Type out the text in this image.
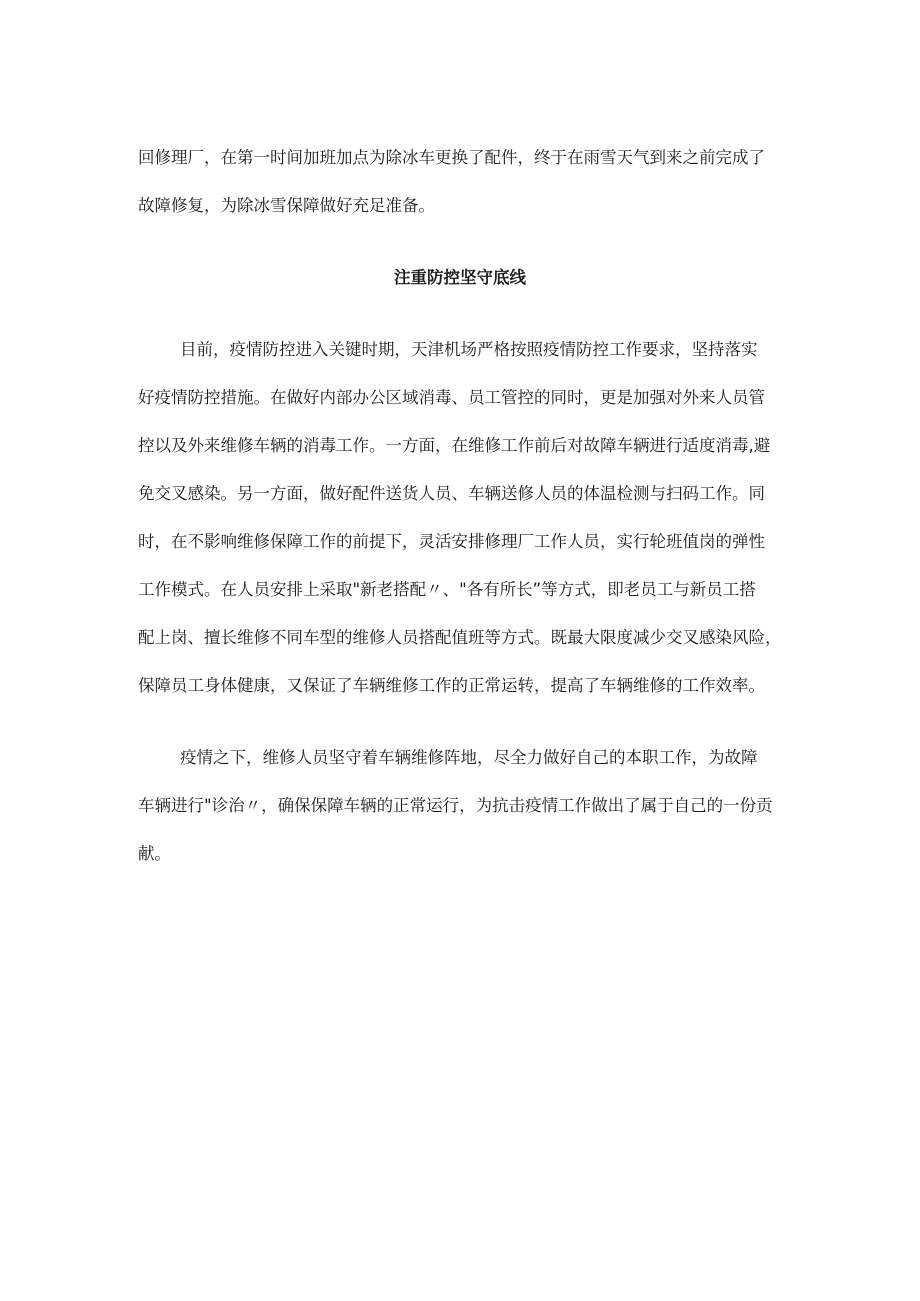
回修理厂，在第一时间加班加点为除冰车更换了配件，终于在雨雪天气到来之前完成了

故障修复，为除冰雪保障做好充足准备。

注重防控坚守底线

目前，疫情防控进入关键时期，天津机场严格按照疫情防控工作要求，坚持落实

好疫情防控措施。在做好内部办公区域消毒、员工管控的同时，更是加强对外来人员管

控以及外来维修车辆的消毒工作。一方面，在维修工作前后对故障车辆进行适度消毒,避

免交叉感染。另一方面，做好配件送货人员、车辆送修人员的体温检测与扫码工作。同

时，在不影响维修保障工作的前提下，灵活安排修理厂工作人员，实行轮班值岗的弹性

工作模式。在人员安排上采取"新老搭配〃、"各有所长”等方式，即老员工与新员工搭

配上岗、擅长维修不同车型的维修人员搭配值班等方式。既最大限度减少交叉感染风险，

保障员工身体健康，又保证了车辆维修工作的正常运转，提高了车辆维修的工作效率。

疫情之下，维修人员坚守着车辆维修阵地，尽全力做好自己的本职工作，为故障

车辆进行"诊治〃，确保保障车辆的正常运行，为抗击疫情工作做出了属于自己的一份贡

献。
